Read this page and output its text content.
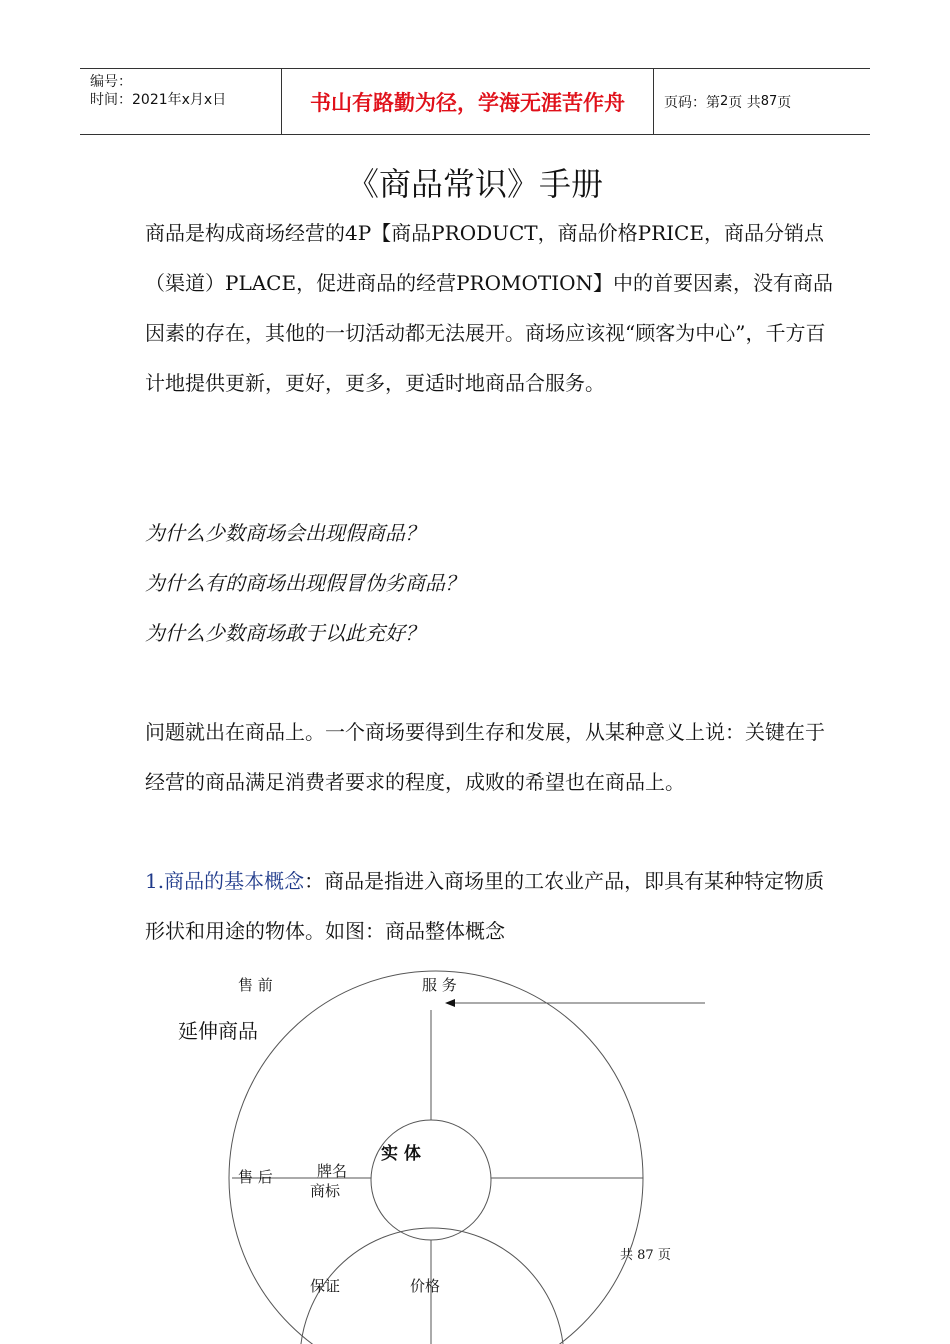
编号：
时间：2021年x月x日	书山有路勤为径，学海无涯苦作舟	页码：第 2 页 共 87 页
《商品常识》手册

商品是构成商场经营的4P【商品PRODUCT，商品价格PRICE，商品分销点（渠道）PLACE，促进商品的经营PROMOTION】中的首要因素，没有商品因素的存在，其他的一切活动都无法展开。商场应该视“顾客为中心”，千方百计地提供更新，更好，更多，更适时地商品合服务。

为什么少数商场会出现假商品？

为什么有的商场出现假冒伪劣商品？

为什么少数商场敢于以此充好？

问题就出在商品上。一个商场要得到生存和发展，从某种意义上说：关键在于经营的商品满足消费者要求的程度，成败的希望也在商品上。

1.商品的基本概念：商品是指进入商场里的工农业产品，即具有某种特定物质形状和用途的物体。如图：商品整体概念

售 前	服 务
延伸商品
实 体
售 后	牌名
商标
保证	价格
共 87 页
